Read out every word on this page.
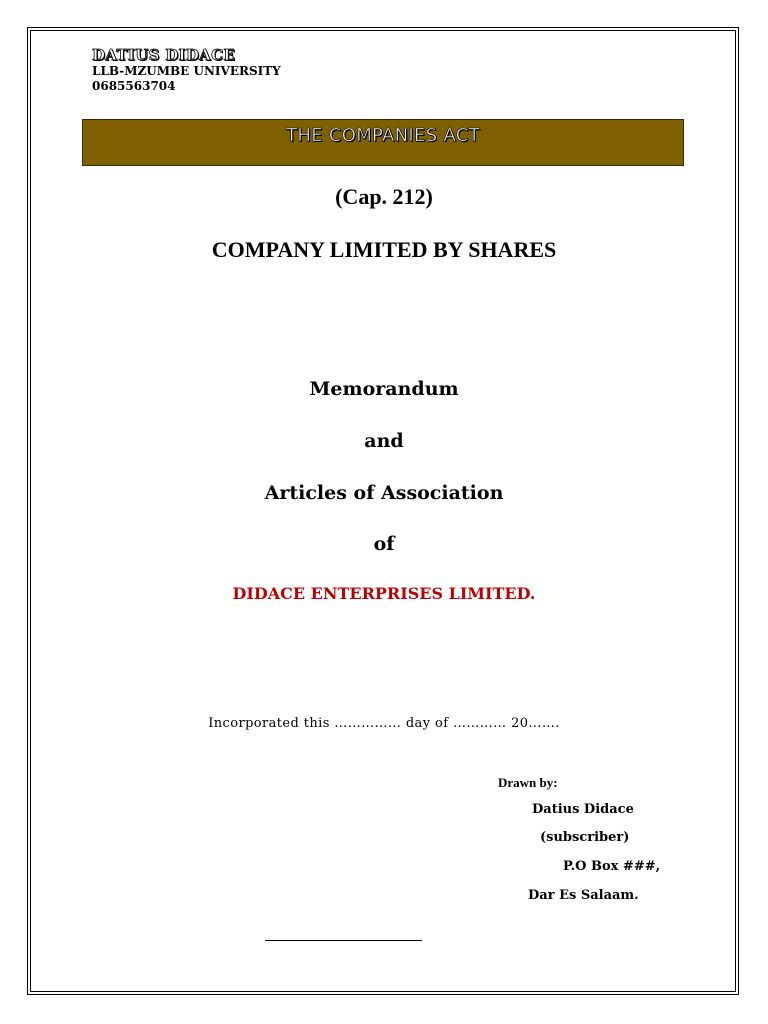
DATIUS DIDACE
LLB-MZUMBE UNIVERSITY
0685563704
THE COMPANIES ACT
(Cap. 212)
COMPANY LIMITED BY SHARES
Memorandum
and
Articles of Association
of
DIDACE ENTERPRISES LIMITED.
Incorporated this …………… day of ………… 20…….
Drawn by:
Datius Didace
(subscriber)
P.O Box ###,
Dar Es Salaam.
